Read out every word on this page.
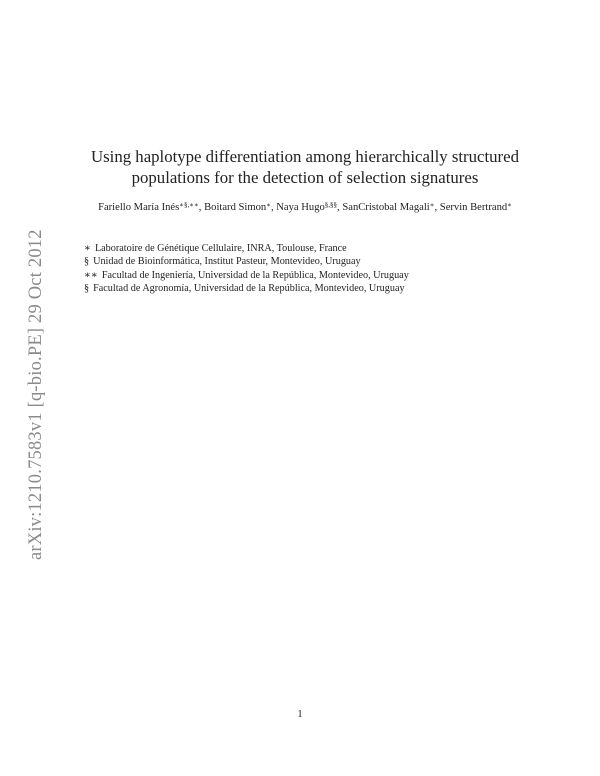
arXiv:1210.7583v1 [q-bio.PE] 29 Oct 2012
Using haplotype differentiation among hierarchically structured
populations for the detection of selection signatures
Fariello María Inés∗§,∗∗, Boitard Simon∗, Naya Hugo§,§§, SanCristobal Magali∗, Servin Bertrand∗
∗ Laboratoire de Génétique Cellulaire, INRA, Toulouse, France
§ Unidad de Bioinformática, Institut Pasteur, Montevideo, Uruguay
∗∗ Facultad de Ingeniería, Universidad de la República, Montevideo, Uruguay
§ Facultad de Agronomía, Universidad de la República, Montevideo, Uruguay
1
